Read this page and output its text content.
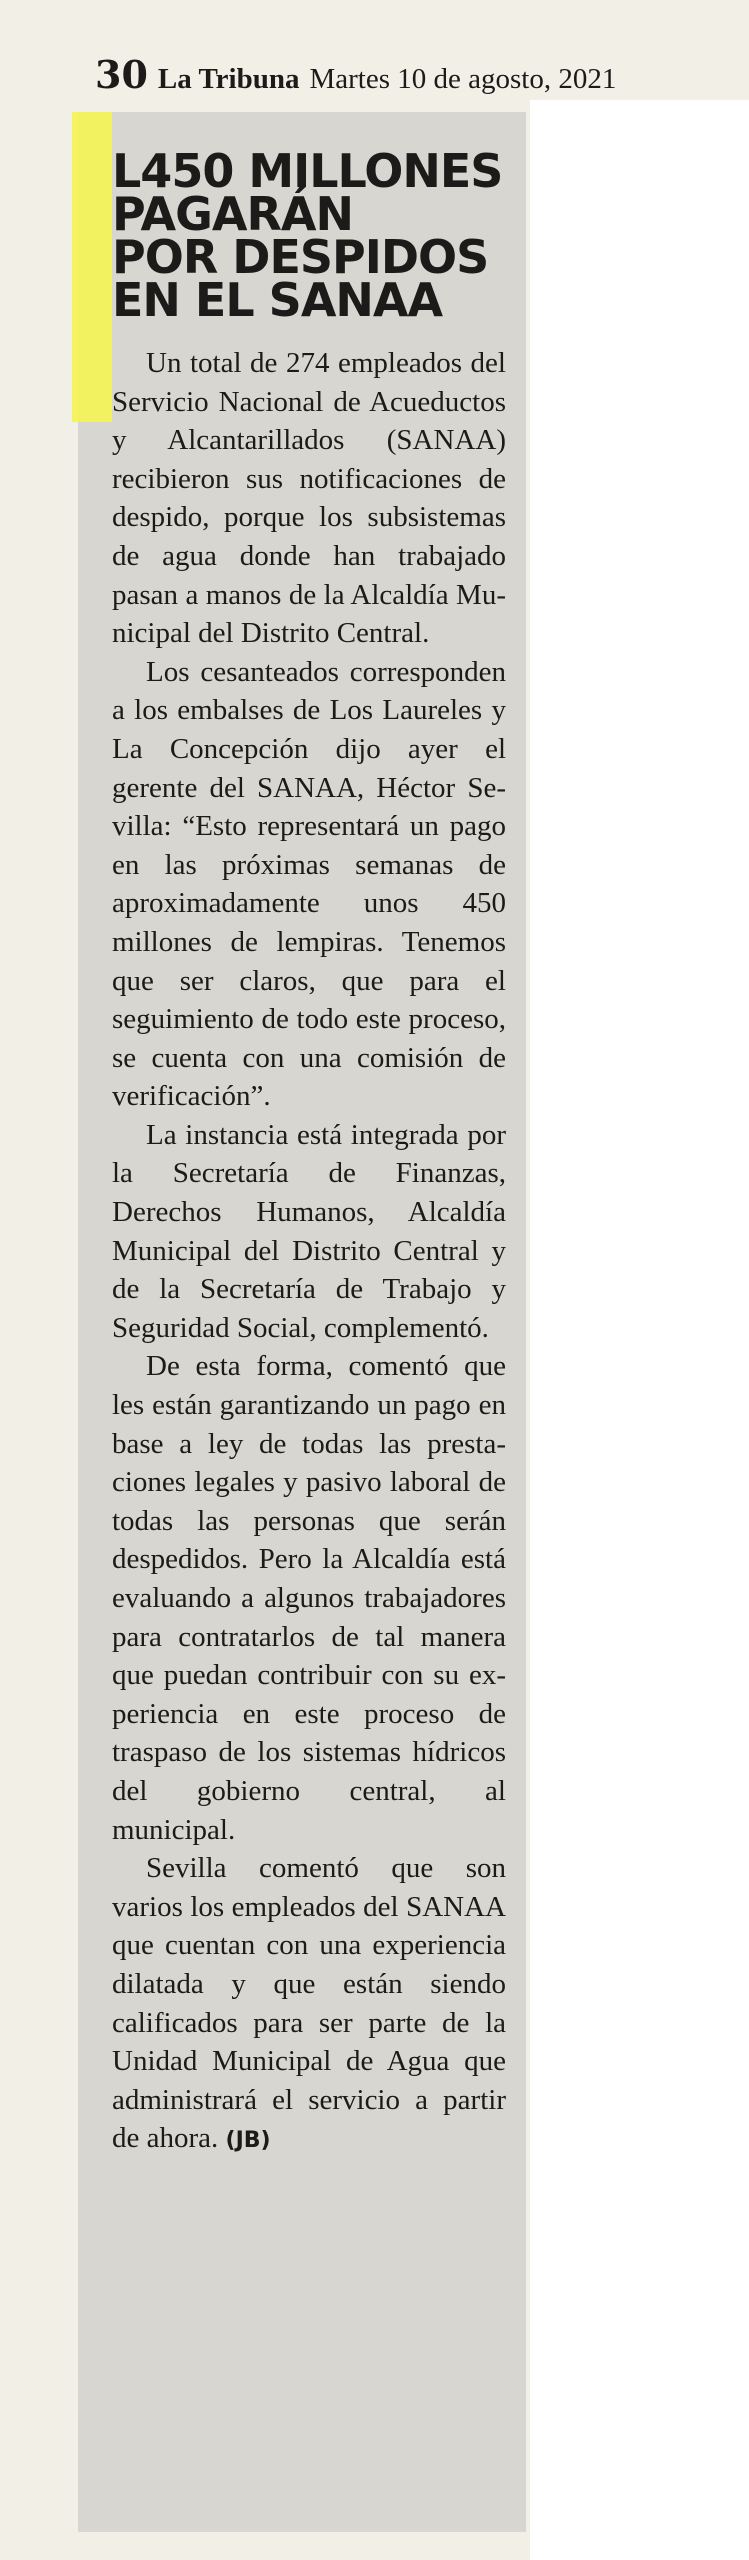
30 La Tribuna Martes 10 de agosto, 2021
L450 MILLONES
PAGARÁN
POR DESPIDOS
EN EL SANAA

Un total de 274 empleados del Servicio Nacional de Acueductos y Alcantarillados (SANAA) recibieron sus notificaciones de despido, porque los subsistemas de agua donde han trabajado pasan a manos de la Alcaldía Municipal del Distrito Central.

Los cesanteados corresponden a los embalses de Los Laureles y La Concepción dijo ayer el gerente del SANAA, Héctor Sevilla: “Esto representará un pago en las próximas semanas de aproximadamente unos 450 millones de lempiras. Tenemos que ser claros, que para el seguimiento de todo este proceso, se cuenta con una comisión de verificación”.

La instancia está integrada por la Secretaría de Finanzas, Derechos Humanos, Alcaldía Municipal del Distrito Central y de la Secretaría de Trabajo y Seguridad Social, complementó.

De esta forma, comentó que les están garantizando un pago en base a ley de todas las prestaciones legales y pasivo laboral de todas las personas que serán despedidos. Pero la Alcaldía está evaluando a algunos trabajadores para contratarlos de tal manera que puedan contribuir con su experiencia en este proceso de traspaso de los sistemas hídricos del gobierno central, al municipal.

Sevilla comentó que son varios los empleados del SANAA que cuentan con una experiencia dilatada y que están siendo calificados para ser parte de la Unidad Municipal de Agua que administrará el servicio a partir de ahora. (JB)
